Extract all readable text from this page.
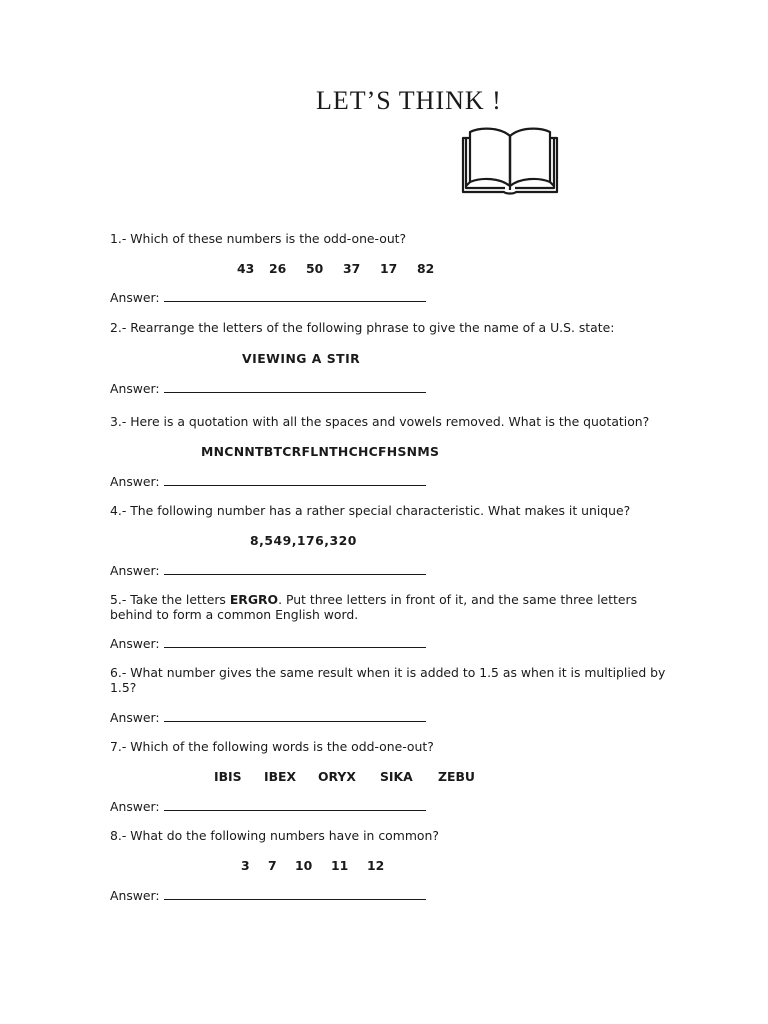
LET’S THINK !
1.- Which of these numbers is the odd-one-out?
43 26 50 37 17 82
Answer:
2.- Rearrange the letters of the following phrase to give the name of a U.S. state:
VIEWING A STIR
Answer:
3.- Here is a quotation with all the spaces and vowels removed. What is the quotation?
MNCNNTBTCRFLNTHCHCFHSNMS
Answer:
4.- The following number has a rather special characteristic. What makes it unique?
8,549,176,320
Answer:
5.- Take the letters ERGRO. Put three letters in front of it, and the same three letters behind to form a common English word.
Answer:
6.- What number gives the same result when it is added to 1.5 as when it is multiplied by 1.5?
Answer:
7.- Which of the following words is the odd-one-out?
IBIS IBEX ORYX SIKA ZEBU
Answer:
8.- What do the following numbers have in common?
3 7 10 11 12
Answer:
